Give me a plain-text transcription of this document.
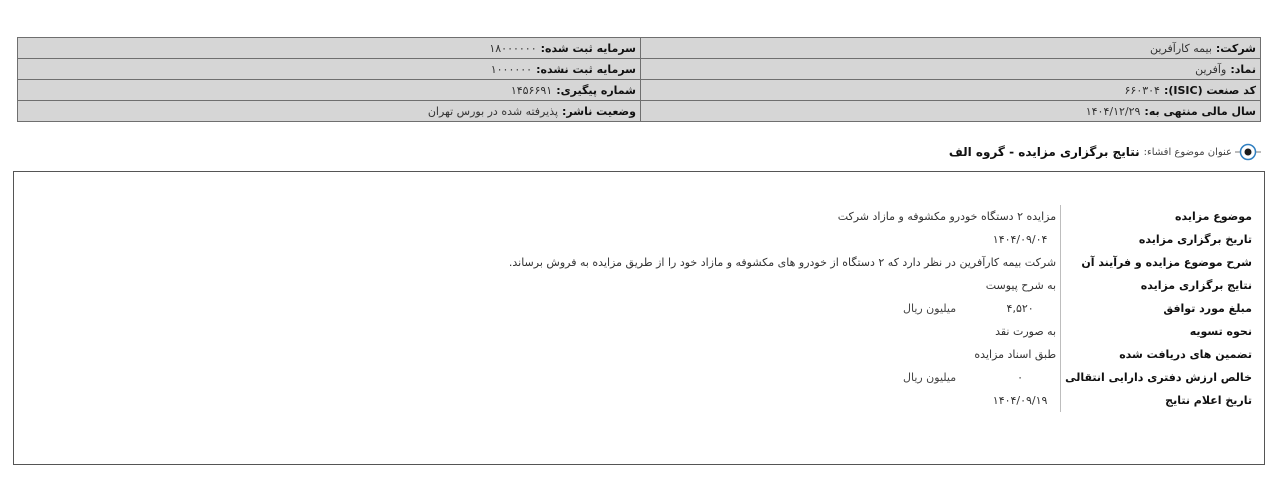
شرکت:بیمه کارآفرین	سرمایه ثبت شده:۱۸۰۰۰۰۰۰
نماد:وآفرین	سرمایه ثبت نشده:۱۰۰۰۰۰۰
کد صنعت (ISIC):۶۶۰۳۰۴	شماره پیگیری:۱۴۵۶۶۹۱
سال مالی منتهی به:۱۴۰۴/۱۲/۲۹	وضعیت ناشر:پذیرفته شده در بورس تهران
عنوان موضوع افشاء:
نتایج برگزاری مزایده - گروه الف
موضوع مزایده	مزایده ۲ دستگاه خودرو مکشوفه و مازاد شرکت
تاریخ برگزاری مزایده	۱۴۰۴/۰۹/۰۴
شرح موضوع مزایده و فرآیند آن	شرکت بیمه کارآفرین در نظر دارد که ۲ دستگاه از خودرو های مکشوفه و مازاد خود را از طریق مزایده به فروش برساند.
نتایج برگزاری مزایده	به شرح پیوست
مبلغ مورد توافق	۴,۵۲۰میلیون ریال
نحوه تسویه	به صورت نقد
تضمین های دریافت شده	طبق اسناد مزایده
خالص ارزش دفتری دارایی انتقالی	۰میلیون ریال
تاریخ اعلام نتایج	۱۴۰۴/۰۹/۱۹
